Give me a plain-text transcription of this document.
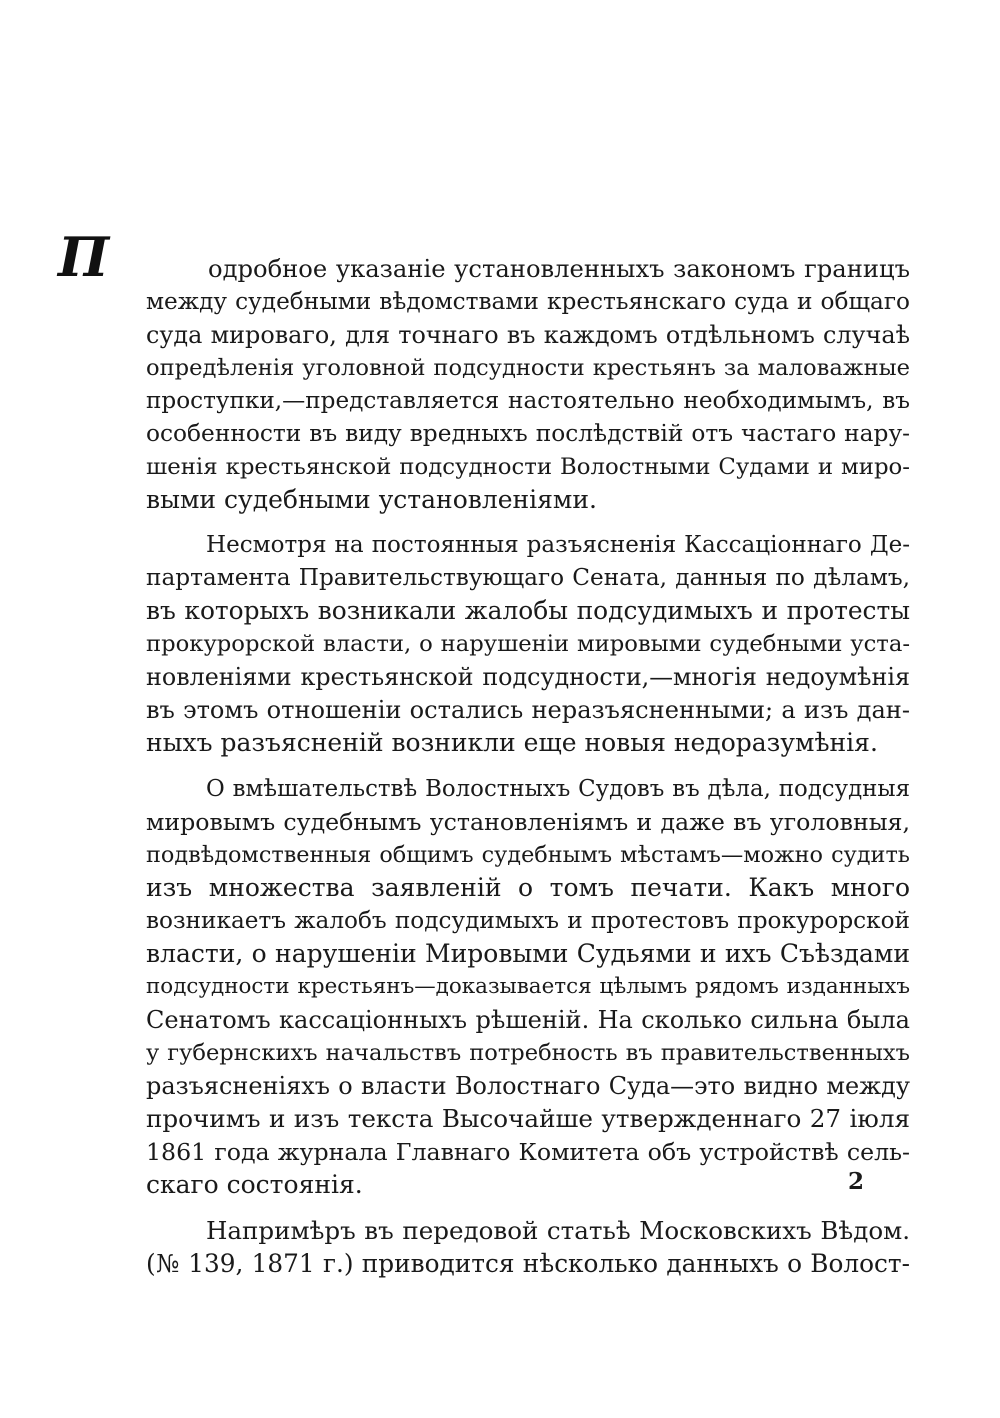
П	одробное указаніе установленныхъ закономъ границъ
между судебными вѣдомствами крестьянскаго суда и общаго
суда мироваго, для точнаго въ каждомъ отдѣльномъ случаѣ
опредѣленія уголовной подсудности крестьянъ за маловажные
проступки,—представляется настоятельно необходимымъ, въ
особенности въ виду вредныхъ послѣдствій отъ частаго нару-
шенія крестьянской подсудности Волостными Судами и миро-
выми судебными установленіями.
Несмотря на постоянныя разъясненія Кассаціоннаго Де-
партамента Правительствующаго Сената, данныя по дѣламъ,
въ которыхъ возникали жалобы подсудимыхъ и протесты
прокурорской власти, о нарушеніи мировыми судебными уста-
новленіями крестьянской подсудности,—многія недоумѣнія
въ этомъ отношеніи остались неразъясненными; а изъ дан-
ныхъ разъясненій возникли еще новыя недоразумѣнія.
О вмѣшательствѣ Волостныхъ Судовъ въ дѣла, подсудныя
мировымъ судебнымъ установленіямъ и даже въ уголовныя,
подвѣдомственныя общимъ судебнымъ мѣстамъ—можно судить
изъ множества заявленій о томъ печати. Какъ много
возникаетъ жалобъ подсудимыхъ и протестовъ прокурорской
власти, о нарушеніи Мировыми Судьями и ихъ Съѣздами
подсудности крестьянъ—доказывается цѣлымъ рядомъ изданныхъ
Сенатомъ кассаціонныхъ рѣшеній. На сколько сильна была
у губернскихъ начальствъ потребность въ правительственныхъ
разъясненіяхъ о власти Волостнаго Суда—это видно между
прочимъ и изъ текста Высочайше утвержденнаго 27 іюля
1861 года журнала Главнаго Комитета объ устройствѣ сель-
скаго состоянія.
Напримѣръ въ передовой статьѣ Московскихъ Вѣдом.
(№ 139, 1871 г.) приводится нѣсколько данныхъ о Волост-
2
